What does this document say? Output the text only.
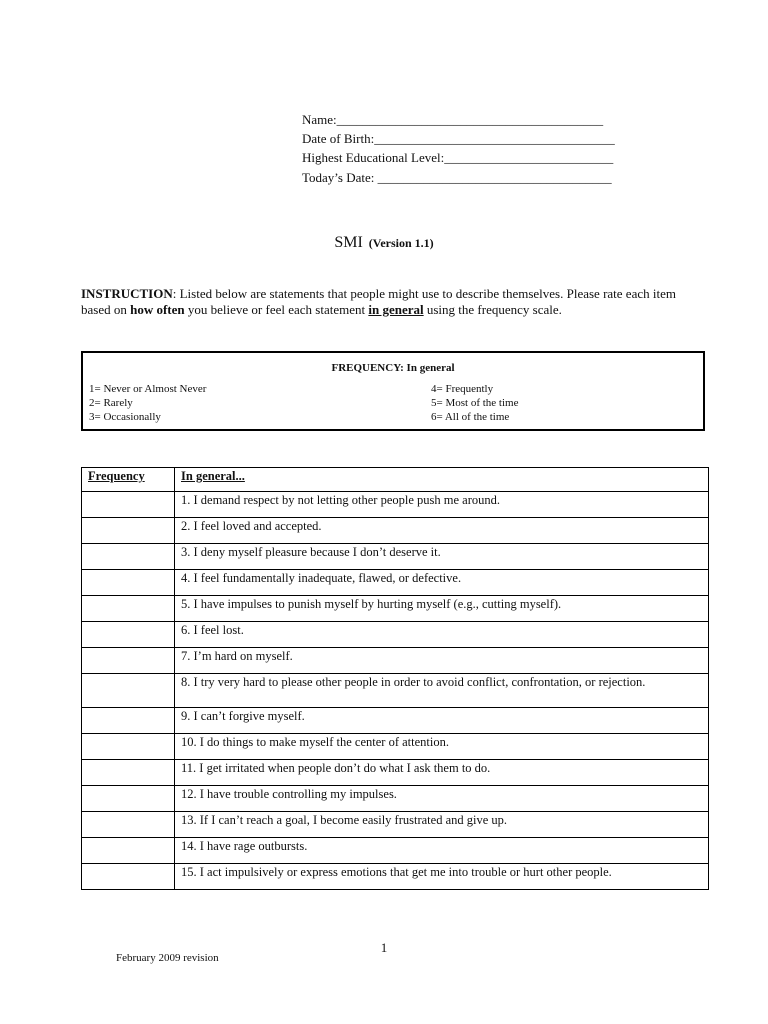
Name:_________________________________________
Date of Birth:_____________________________________
Highest Educational Level:__________________________
Today’s Date: ____________________________________
SMI (Version 1.1)
INSTRUCTION: Listed below are statements that people might use to describe themselves. Please rate each item based on how often you believe or feel each statement in general using the frequency scale.
FREQUENCY: In general
1= Never or Almost Never
2= Rarely
3= Occasionally
4= Frequently
5= Most of the time
6= All of the time
Frequency	In general...
	1. I demand respect by not letting other people push me around.
	2. I feel loved and accepted.
	3. I deny myself pleasure because I don’t deserve it.
	4. I feel fundamentally inadequate, flawed, or defective.
	5. I have impulses to punish myself by hurting myself (e.g., cutting myself).
	6. I feel lost.
	7. I’m hard on myself.
	8. I try very hard to please other people in order to avoid conflict, confrontation, or rejection.
	9. I can’t forgive myself.
	10. I do things to make myself the center of attention.
	11. I get irritated when people don’t do what I ask them to do.
	12. I have trouble controlling my impulses.
	13. If I can’t reach a goal, I become easily frustrated and give up.
	14. I have rage outbursts.
	15. I act impulsively or express emotions that get me into trouble or hurt other people.
1
February 2009 revision
